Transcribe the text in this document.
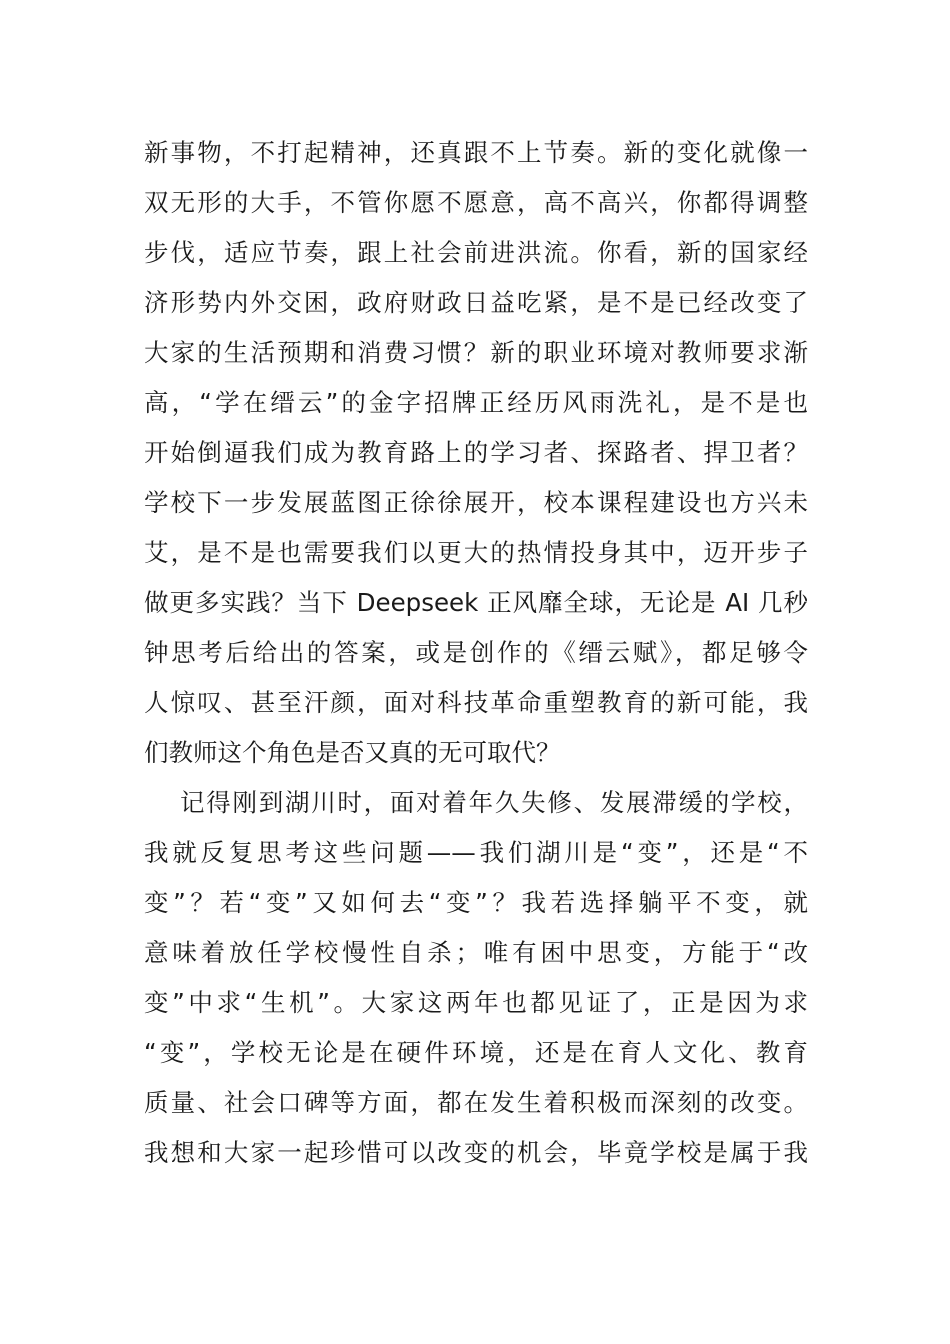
新事物，不打起精神，还真跟不上节奏。新的变化就像一
双无形的大手，不管你愿不愿意，高不高兴，你都得调整
步伐，适应节奏，跟上社会前进洪流。你看，新的国家经
济形势内外交困，政府财政日益吃紧，是不是已经改变了
大家的生活预期和消费习惯？新的职业环境对教师要求渐
高，“学在缙云”的金字招牌正经历风雨洗礼，是不是也
开始倒逼我们成为教育路上的学习者、探路者、捍卫者？
学校下一步发展蓝图正徐徐展开，校本课程建设也方兴未
艾，是不是也需要我们以更大的热情投身其中，迈开步子
做更多实践？当下 Deepseek 正风靡全球，无论是 AI 几秒
钟思考后给出的答案，或是创作的《缙云赋》，都足够令
人惊叹、甚至汗颜，面对科技革命重塑教育的新可能，我
们教师这个角色是否又真的无可取代？
记得刚到湖川时，面对着年久失修、发展滞缓的学校，
我就反复思考这些问题——我们湖川是“变”，还是“不
变”？若“变”又如何去“变”？我若选择躺平不变，就
意味着放任学校慢性自杀；唯有困中思变，方能于“改
变”中求“生机”。大家这两年也都见证了，正是因为求
“变”，学校无论是在硬件环境，还是在育人文化、教育
质量、社会口碑等方面，都在发生着积极而深刻的改变。
我想和大家一起珍惜可以改变的机会，毕竟学校是属于我
